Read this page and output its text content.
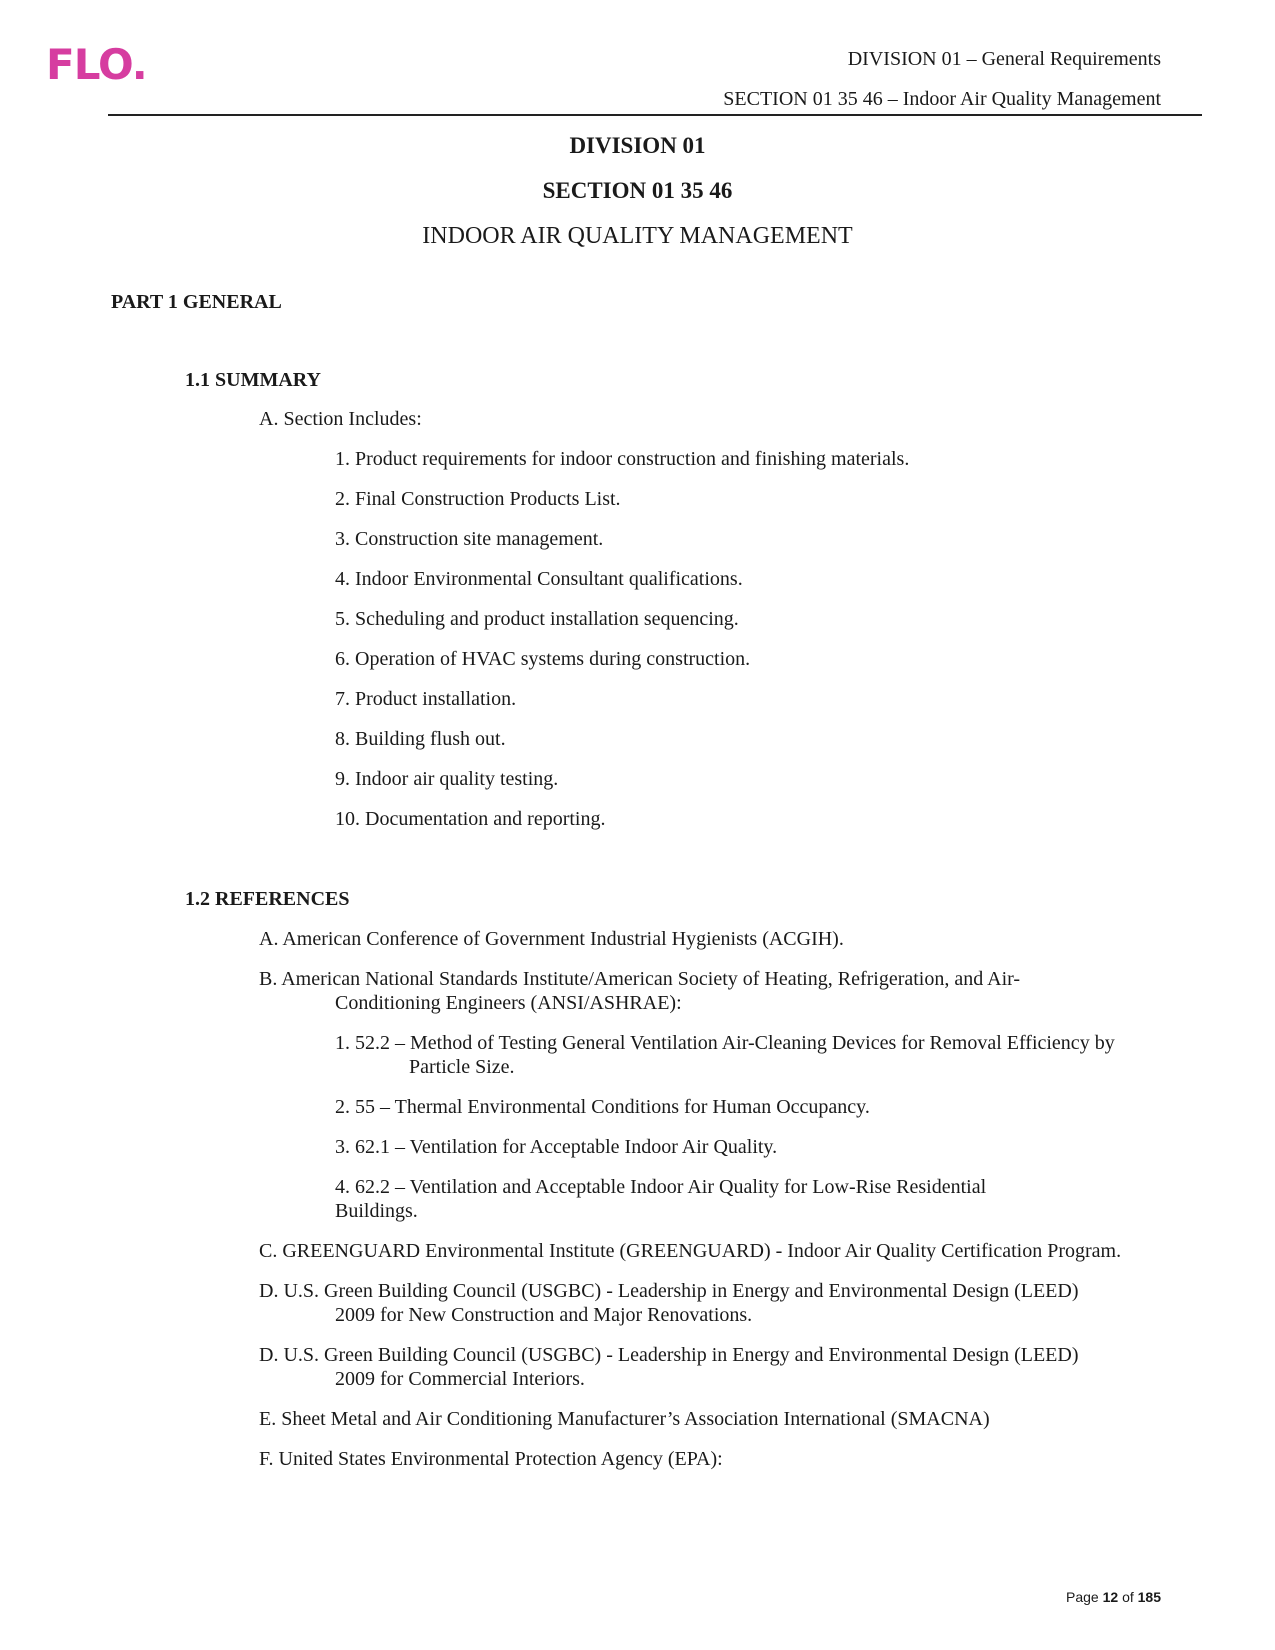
FLO.	DIVISION 01 – General Requirements
SECTION 01 35 46 – Indoor Air Quality Management
DIVISION 01
SECTION 01 35 46
INDOOR AIR QUALITY MANAGEMENT
PART 1 GENERAL
1.1 SUMMARY
A. Section Includes:
1. Product requirements for indoor construction and finishing materials.
2. Final Construction Products List.
3. Construction site management.
4. Indoor Environmental Consultant qualifications.
5. Scheduling and product installation sequencing.
6. Operation of HVAC systems during construction.
7. Product installation.
8. Building flush out.
9. Indoor air quality testing.
10. Documentation and reporting.
1.2 REFERENCES
A. American Conference of Government Industrial Hygienists (ACGIH).
B. American National Standards Institute/American Society of Heating, Refrigeration, and Air-
Conditioning Engineers (ANSI/ASHRAE):
1. 52.2 – Method of Testing General Ventilation Air-Cleaning Devices for Removal Efficiency by
Particle Size.
2. 55 – Thermal Environmental Conditions for Human Occupancy.
3. 62.1 – Ventilation for Acceptable Indoor Air Quality.
4. 62.2 – Ventilation and Acceptable Indoor Air Quality for Low-Rise Residential
Buildings.
C. GREENGUARD Environmental Institute (GREENGUARD) - Indoor Air Quality Certification Program.
D. U.S. Green Building Council (USGBC) - Leadership in Energy and Environmental Design (LEED)
2009 for New Construction and Major Renovations.
D. U.S. Green Building Council (USGBC) - Leadership in Energy and Environmental Design (LEED)
2009 for Commercial Interiors.
E. Sheet Metal and Air Conditioning Manufacturer’s Association International (SMACNA)
F. United States Environmental Protection Agency (EPA):
Page 12 of 185
